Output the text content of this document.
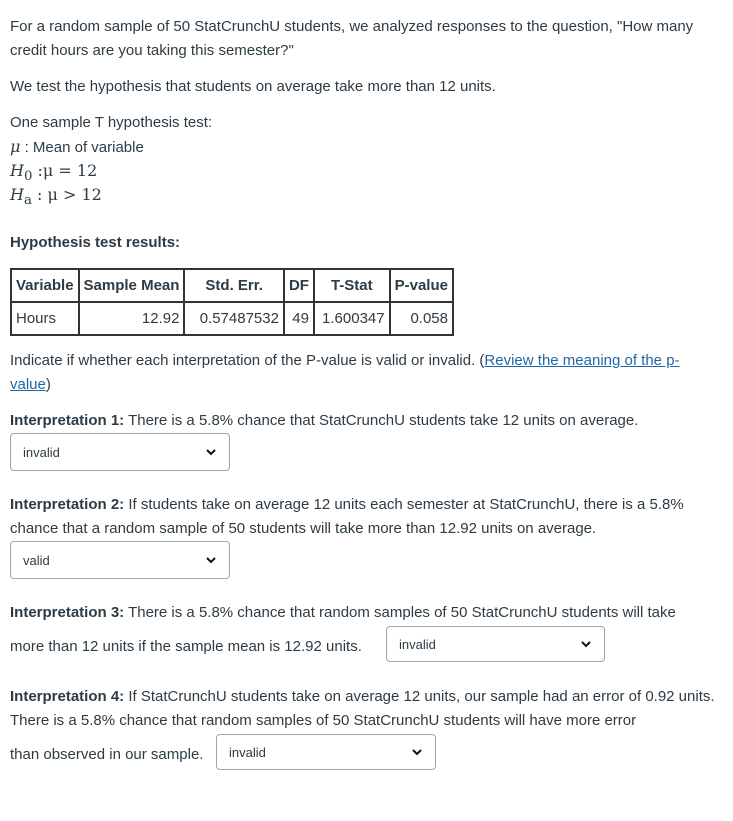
For a random sample of 50 StatCrunchU students, we analyzed responses to the question, "How many credit hours are you taking this semester?"

We test the hypothesis that students on average take more than 12 units.

One sample T hypothesis test:

μ : Mean of variable

$H_0$ :μ = 12

$H_a$ : μ > 12

Hypothesis test results:

Variable	Sample Mean	Std. Err.	DF	T-Stat	P-value
Hours	12.92	0.57487532	49	1.600347	0.058

Indicate if whether each interpretation of the P-value is valid or invalid. (Review the meaning of the p-value)

Interpretation 1: There is a 5.8% chance that StatCrunchU students take 12 units on average.

invalid

Interpretation 2: If students take on average 12 units each semester at StatCrunchU, there is a 5.8% chance that a random sample of 50 students will take more than 12.92 units on average.

valid

Interpretation 3: There is a 5.8% chance that random samples of 50 StatCrunchU students will take

more than 12 units if the sample mean is 12.92 units.	invalid

Interpretation 4: If StatCrunchU students take on average 12 units, our sample had an error of 0.92 units. There is a 5.8% chance that random samples of 50 StatCrunchU students will have more error

than observed in our sample.	invalid
